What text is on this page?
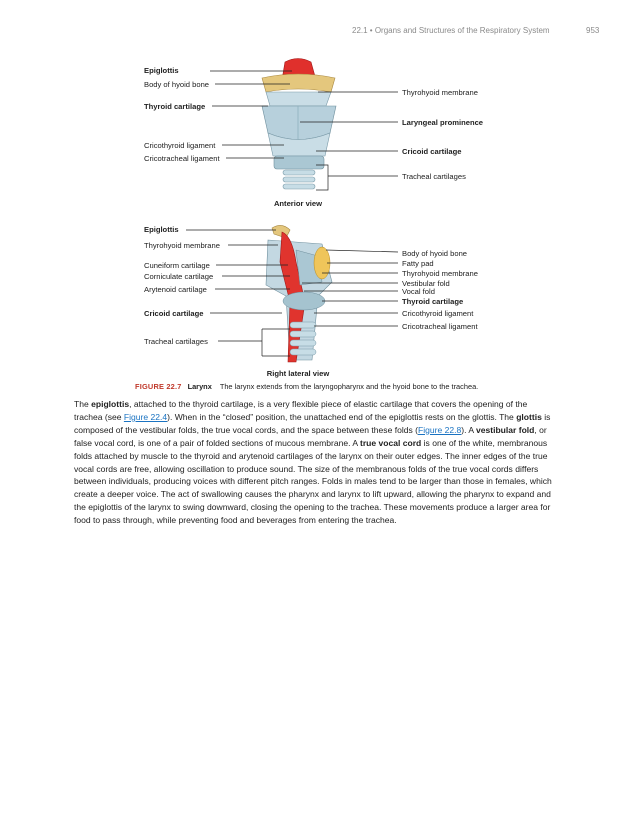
22.1 • Organs and Structures of the Respiratory System	953
Epiglottis
Body of hyoid bone
Thyroid cartilage
Cricothyroid ligament
Cricotracheal ligament
Thyrohyoid membrane
Laryngeal prominence
Cricoid cartilage
Tracheal cartilages
Anterior view
Epiglottis
Thyrohyoid membrane
Cuneiform cartilage
Corniculate cartilage
Arytenoid cartilage
Cricoid cartilage
Tracheal cartilages
Body of hyoid bone
Fatty pad
Thyrohyoid membrane
Vestibular fold
Vocal fold
Thyroid cartilage
Cricothyroid ligament
Cricotracheal ligament
Right lateral view
FIGURE 22.7 Larynx The larynx extends from the laryngopharynx and the hyoid bone to the trachea.

The epiglottis, attached to the thyroid cartilage, is a very flexible piece of elastic cartilage that covers the opening of the trachea (see Figure 22.4). When in the “closed” position, the unattached end of the epiglottis rests on the glottis. The glottis is composed of the vestibular folds, the true vocal cords, and the space between these folds (Figure 22.8). A vestibular fold, or false vocal cord, is one of a pair of folded sections of mucous membrane. A true vocal cord is one of the white, membranous folds attached by muscle to the thyroid and arytenoid cartilages of the larynx on their outer edges. The inner edges of the true vocal cords are free, allowing oscillation to produce sound. The size of the membranous folds of the true vocal cords differs between individuals, producing voices with different pitch ranges. Folds in males tend to be larger than those in females, which create a deeper voice. The act of swallowing causes the pharynx and larynx to lift upward, allowing the pharynx to expand and the epiglottis of the larynx to swing downward, closing the opening to the trachea. These movements produce a larger area for food to pass through, while preventing food and beverages from entering the trachea.
